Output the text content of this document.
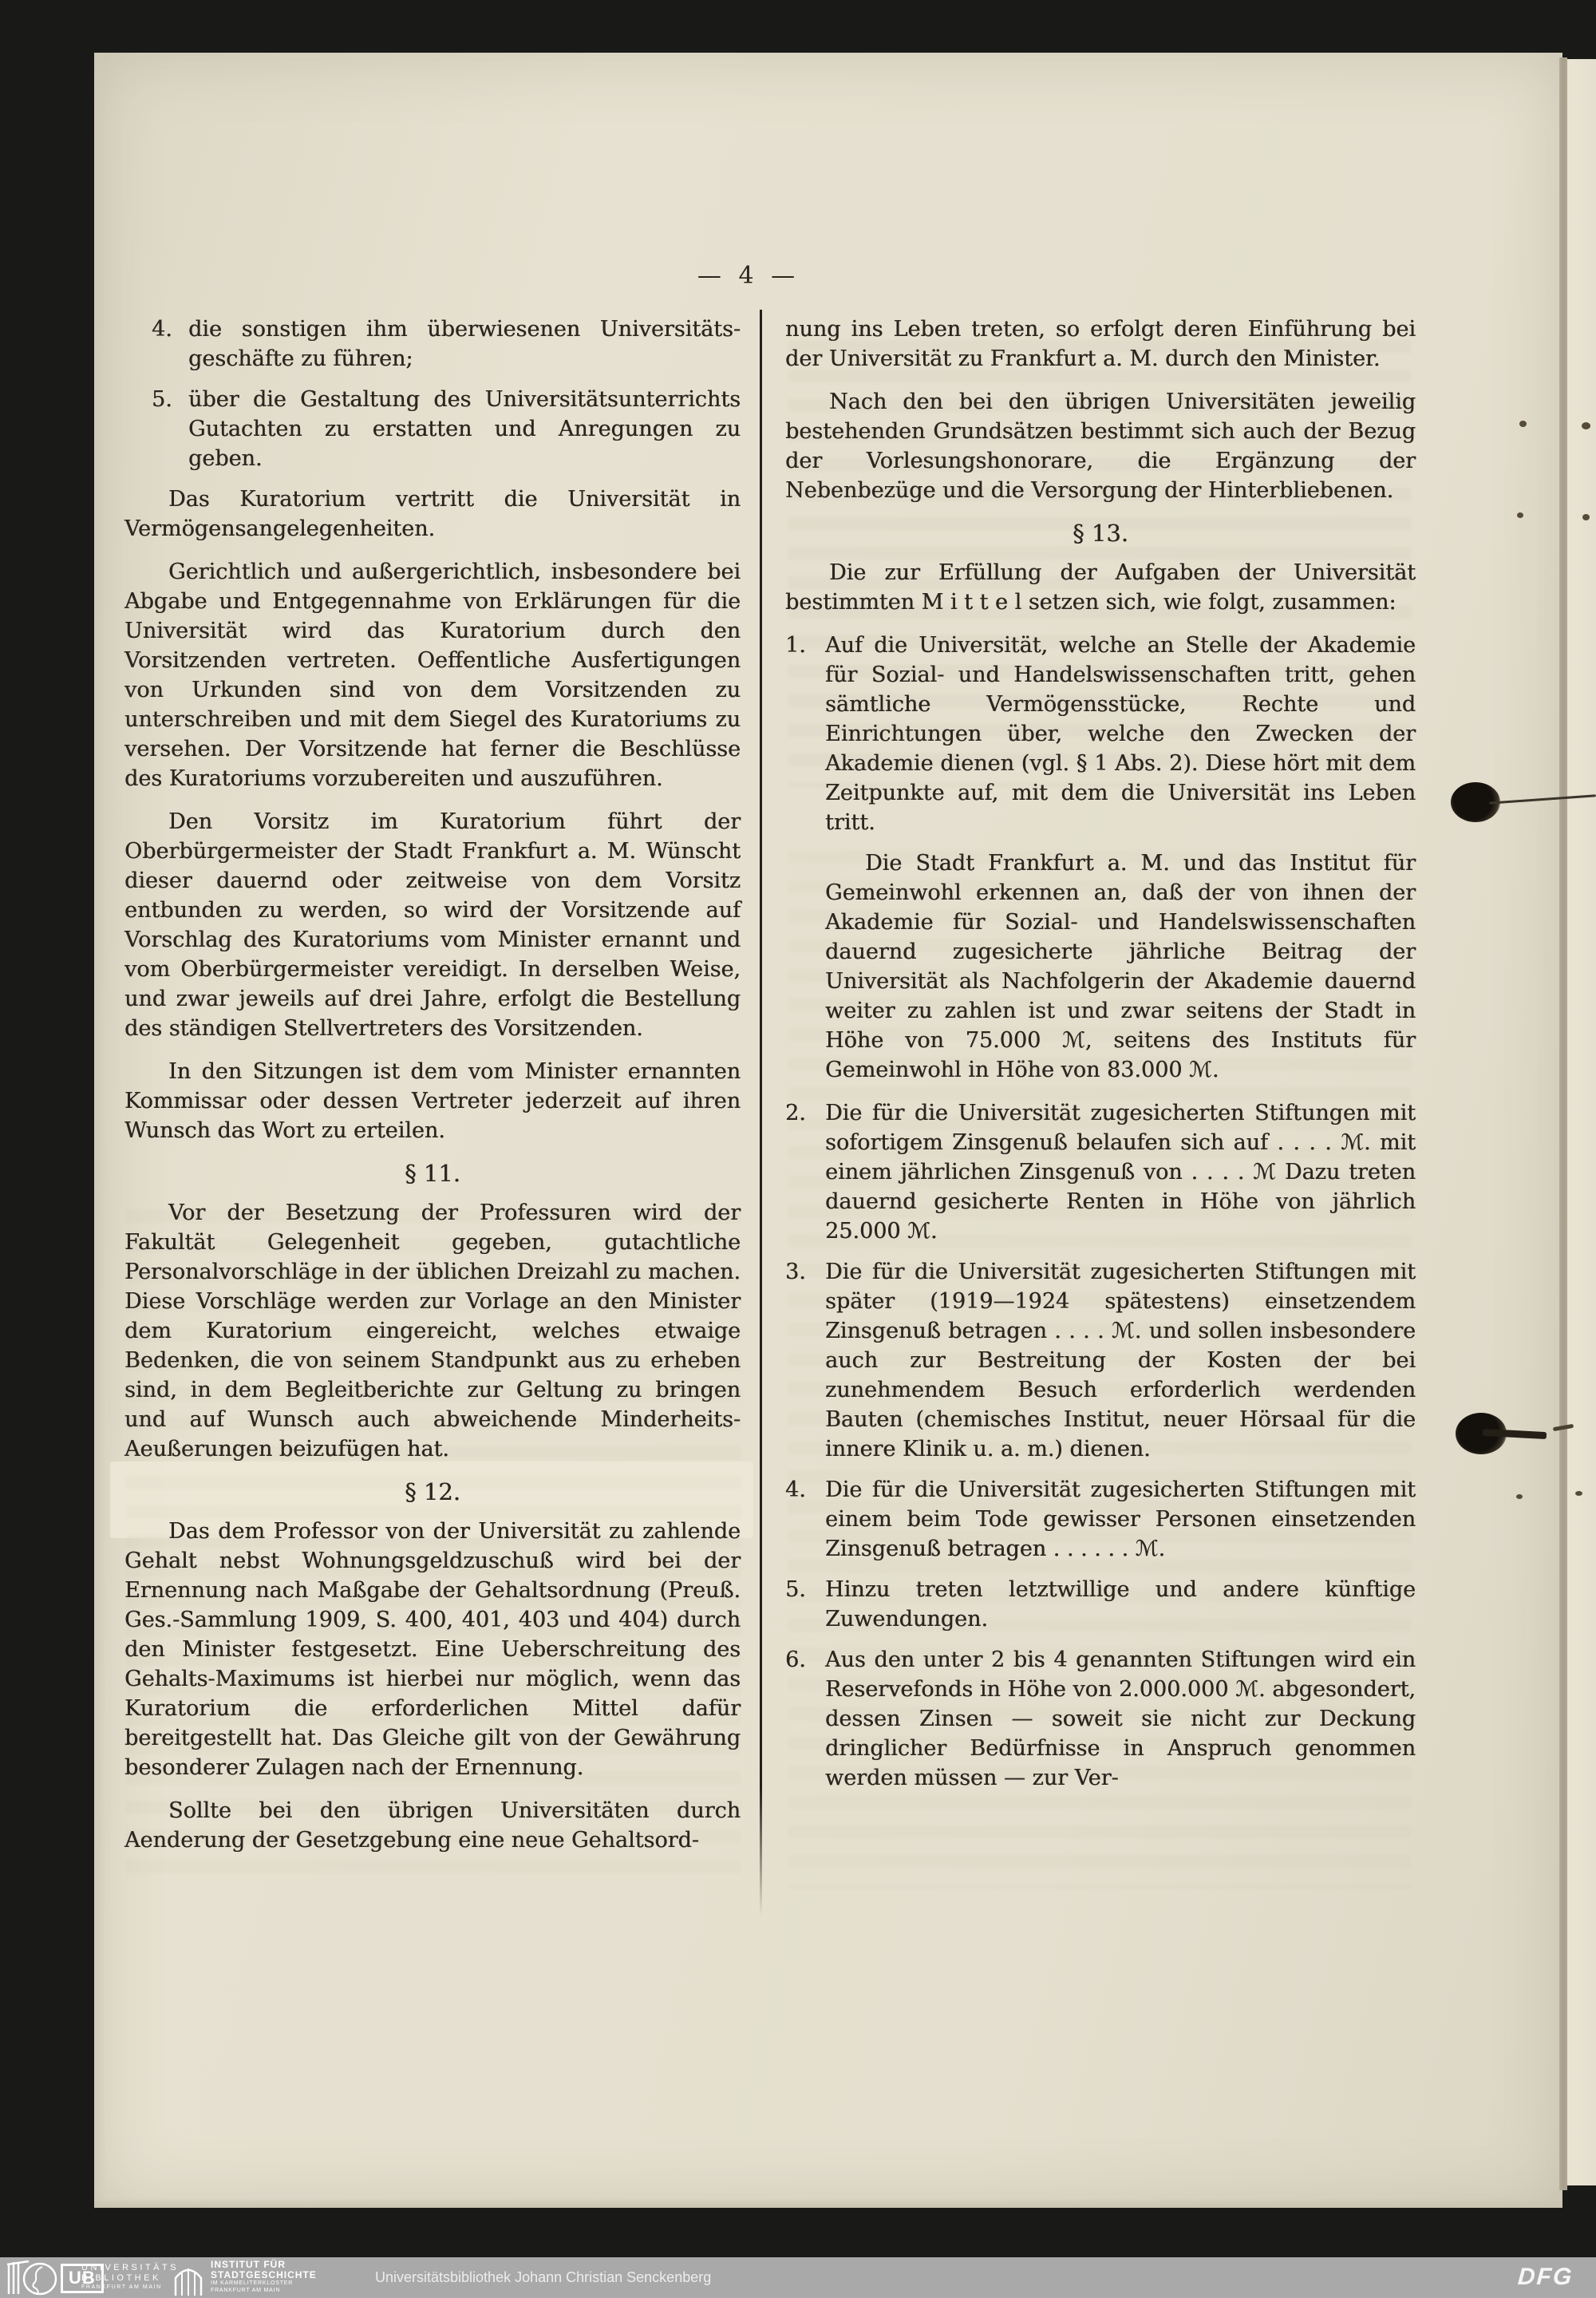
— 4 —
4. die sonstigen ihm überwiesenen Universitäts-geschäfte zu führen;
5. über die Gestaltung des Universitätsunterrichts Gutachten zu erstatten und Anregungen zu geben.

Das Kuratorium vertritt die Universität in Vermögensangelegenheiten.

Gerichtlich und außergerichtlich, insbesondere bei Abgabe und Entgegennahme von Erklärungen für die Universität wird das Kuratorium durch den Vorsitzenden vertreten. Oeffentliche Ausfertigungen von Urkunden sind von dem Vorsitzenden zu unterschreiben und mit dem Siegel des Kuratoriums zu versehen. Der Vorsitzende hat ferner die Beschlüsse des Kuratoriums vorzubereiten und auszuführen.

Den Vorsitz im Kuratorium führt der Oberbürgermeister der Stadt Frankfurt a. M. Wünscht dieser dauernd oder zeitweise von dem Vorsitz entbunden zu werden, so wird der Vorsitzende auf Vorschlag des Kuratoriums vom Minister ernannt und vom Oberbürgermeister vereidigt. In derselben Weise, und zwar jeweils auf drei Jahre, erfolgt die Bestellung des ständigen Stellvertreters des Vorsitzenden.

In den Sitzungen ist dem vom Minister ernannten Kommissar oder dessen Vertreter jederzeit auf ihren Wunsch das Wort zu erteilen.

§ 11.

Vor der Besetzung der Professuren wird der Fakultät Gelegenheit gegeben, gutachtliche Personalvorschläge in der üblichen Dreizahl zu machen. Diese Vorschläge werden zur Vorlage an den Minister dem Kuratorium eingereicht, welches etwaige Bedenken, die von seinem Standpunkt aus zu erheben sind, in dem Begleitberichte zur Geltung zu bringen und auf Wunsch auch abweichende Minderheits-Aeußerungen beizufügen hat.

§ 12.

Das dem Professor von der Universität zu zahlende Gehalt nebst Wohnungsgeldzuschuß wird bei der Ernennung nach Maßgabe der Gehaltsordnung (Preuß. Ges.-Sammlung 1909, S. 400, 401, 403 und 404) durch den Minister festgesetzt. Eine Ueberschreitung des Gehalts-Maximums ist hierbei nur möglich, wenn das Kuratorium die erforderlichen Mittel dafür bereitgestellt hat. Das Gleiche gilt von der Gewährung besonderer Zulagen nach der Ernennung.

Sollte bei den übrigen Universitäten durch Aenderung der Gesetzgebung eine neue Gehaltsord-

nung ins Leben treten, so erfolgt deren Einführung bei der Universität zu Frankfurt a. M. durch den Minister.

Nach den bei den übrigen Universitäten jeweilig bestehenden Grundsätzen bestimmt sich auch der Bezug der Vorlesungshonorare, die Ergänzung der Nebenbezüge und die Versorgung der Hinterbliebenen.

§ 13.

Die zur Erfüllung der Aufgaben der Universität bestimmten M i t t e l setzen sich, wie folgt, zusammen:

1. Auf die Universität, welche an Stelle der Akademie für Sozial- und Handelswissenschaften tritt, gehen sämtliche Vermögensstücke, Rechte und Einrichtungen über, welche den Zwecken der Akademie dienen (vgl. § 1 Abs. 2). Diese hört mit dem Zeitpunkte auf, mit dem die Universität ins Leben tritt.

Die Stadt Frankfurt a. M. und das Institut für Gemeinwohl erkennen an, daß der von ihnen der Akademie für Sozial- und Handelswissenschaften dauernd zugesicherte jährliche Beitrag der Universität als Nachfolgerin der Akademie dauernd weiter zu zahlen ist und zwar seitens der Stadt in Höhe von 75.000 ℳ, seitens des Instituts für Gemeinwohl in Höhe von 83.000 ℳ.

2. Die für die Universität zugesicherten Stiftungen mit sofortigem Zinsgenuß belaufen sich auf . . . . ℳ. mit einem jährlichen Zinsgenuß von . . . . ℳ Dazu treten dauernd gesicherte Renten in Höhe von jährlich 25.000 ℳ.
3. Die für die Universität zugesicherten Stiftungen mit später (1919—1924 spätestens) einsetzendem Zinsgenuß betragen . . . . ℳ. und sollen insbesondere auch zur Bestreitung der Kosten der bei zunehmendem Besuch erforderlich werdenden Bauten (chemisches Institut, neuer Hörsaal für die innere Klinik u. a. m.) dienen.
4. Die für die Universität zugesicherten Stiftungen mit einem beim Tode gewisser Personen einsetzenden Zinsgenuß betragen . . . . . . ℳ.
5. Hinzu treten letztwillige und andere künftige Zuwendungen.
6. Aus den unter 2 bis 4 genannten Stiftungen wird ein Reservefonds in Höhe von 2.000.000 ℳ. abgesondert, dessen Zinsen — soweit sie nicht zur Deckung dringlicher Bedürfnisse in Anspruch genommen werden müssen — zur Ver-
UB
UNIVERSITÄTS
BIBLIOTHEK
FRANKFURT AM MAIN
INSTITUT FÜR
STADTGESCHICHTE
IM KARMELITERKLOSTER
FRANKFURT AM MAIN
Universitätsbibliothek Johann Christian Senckenberg	DFG
